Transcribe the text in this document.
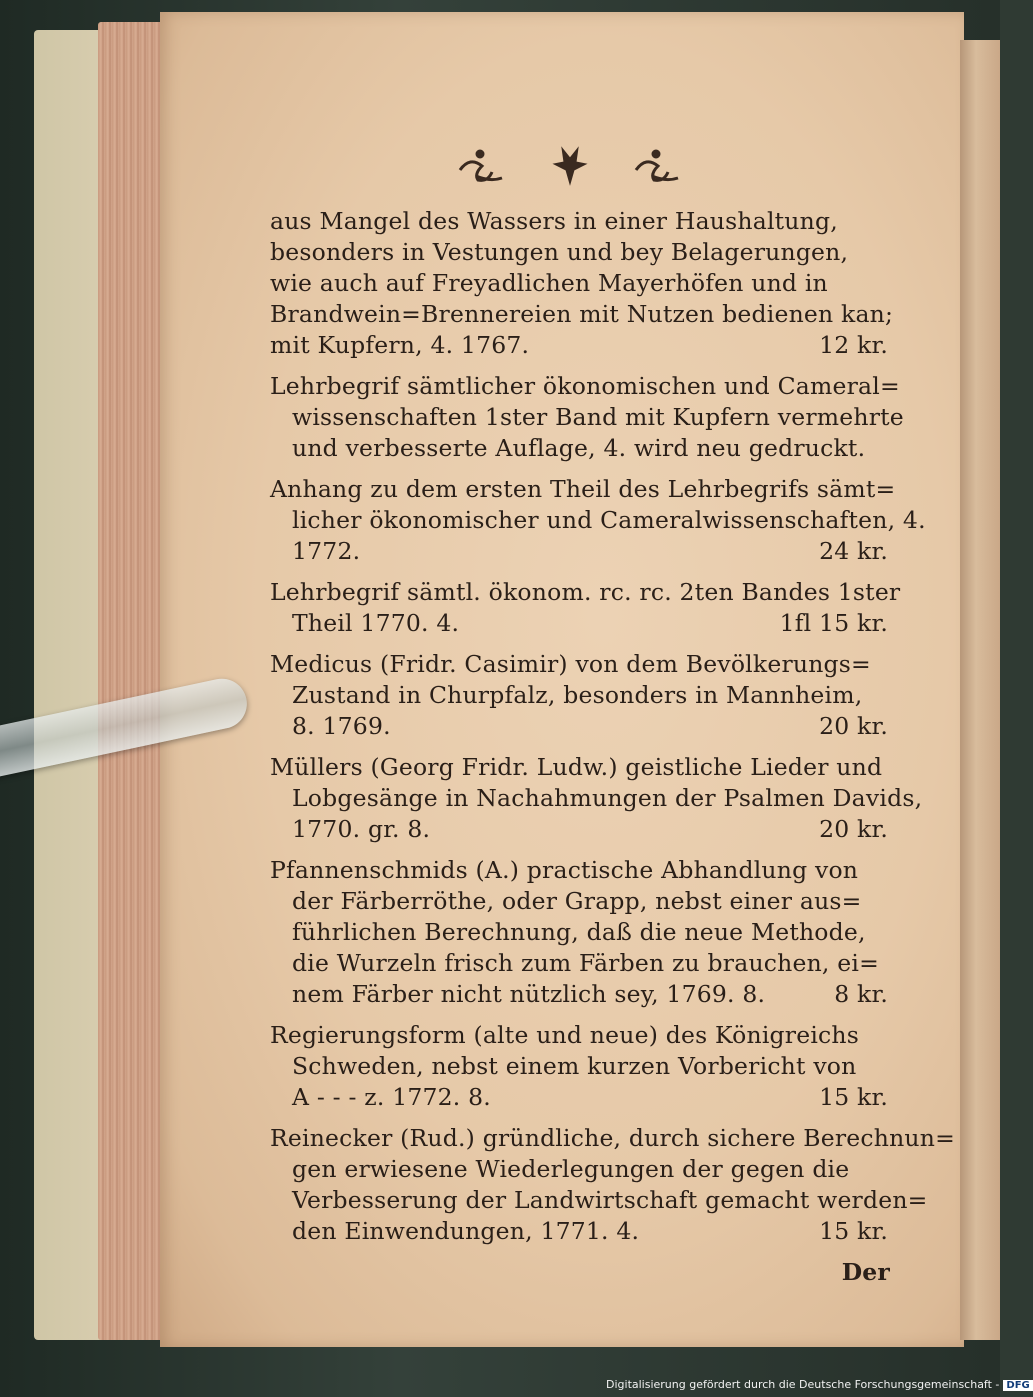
aus Mangel des Wassers in einer Haushaltung,
besonders in Vestungen und bey Belagerungen,
wie auch auf Freyadlichen Mayerhöfen und in
Brandwein=Brennereien mit Nutzen bedienen kan;
mit Kupfern, 4. 1767.	12 kr.
Lehrbegrif sämtlicher ökonomischen und Cameral=
wissenschaften 1ster Band mit Kupfern vermehrte
und verbesserte Auflage, 4. wird neu gedruckt.
Anhang zu dem ersten Theil des Lehrbegrifs sämt=
licher ökonomischer und Cameralwissenschaften, 4.
1772.	24 kr.
Lehrbegrif sämtl. ökonom. rc. rc. 2ten Bandes 1ster
Theil 1770. 4.	1fl 15 kr.
Medicus (Fridr. Casimir) von dem Bevölkerungs=
Zustand in Churpfalz, besonders in Mannheim,
8. 1769.	20 kr.
Müllers (Georg Fridr. Ludw.) geistliche Lieder und
Lobgesänge in Nachahmungen der Psalmen Davids,
1770. gr. 8.	20 kr.
Pfannenschmids (A.) practische Abhandlung von
der Färberröthe, oder Grapp, nebst einer aus=
führlichen Berechnung, daß die neue Methode,
die Wurzeln frisch zum Färben zu brauchen, ei=
nem Färber nicht nützlich sey, 1769. 8.	8 kr.
Regierungsform (alte und neue) des Königreichs
Schweden, nebst einem kurzen Vorbericht von
A - - - z. 1772. 8.	15 kr.
Reinecker (Rud.) gründliche, durch sichere Berechnun=
gen erwiesene Wiederlegungen der gegen die
Verbesserung der Landwirtschaft gemacht werden=
den Einwendungen, 1771. 4.	15 kr.
Der
Digitalisierung gefördert durch die Deutsche Forschungsgemeinschaft - DFG
